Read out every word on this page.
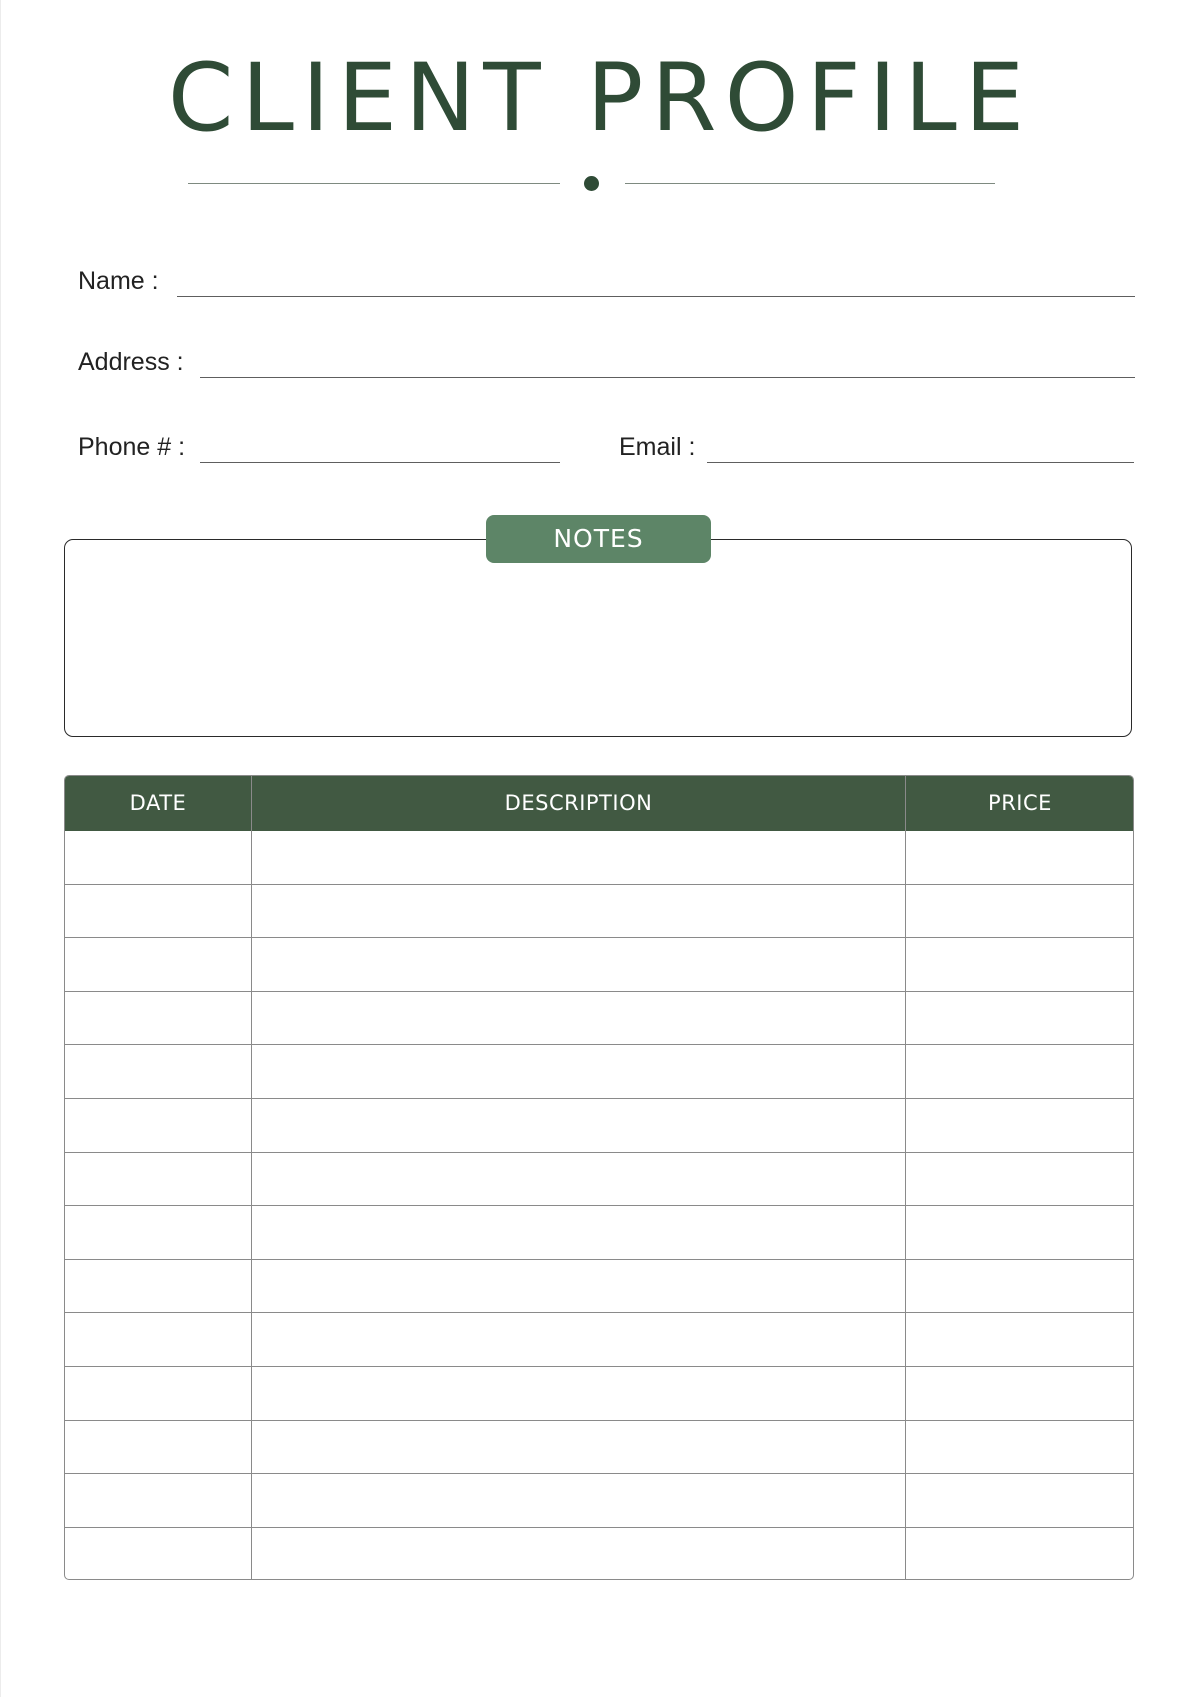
CLIENT PROFILE
Name :
Address :
Phone # :	Email :
NOTES
DATE	DESCRIPTION	PRICE
